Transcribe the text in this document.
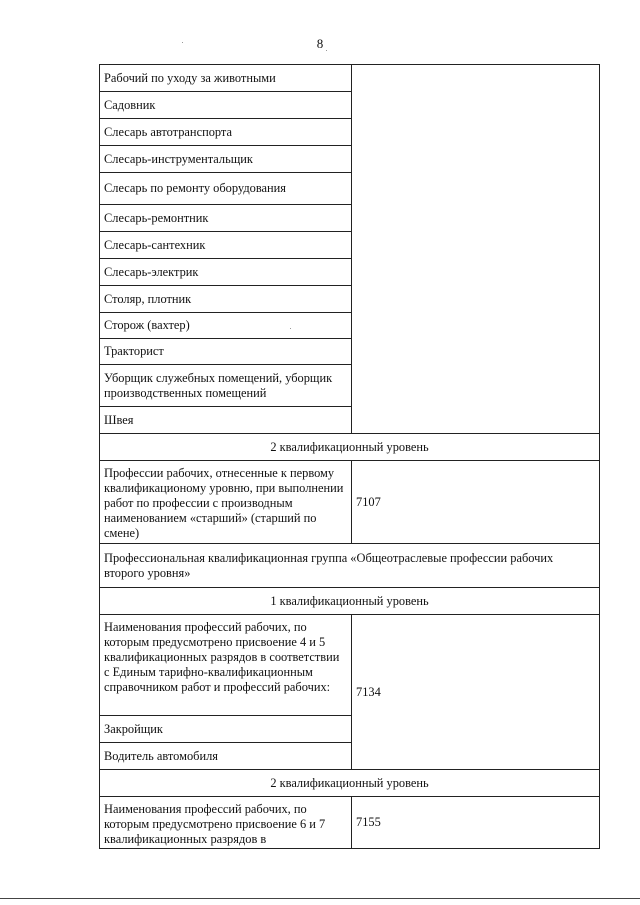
8
Рабочий по уходу за животными	
Садовник	
Слесарь автотранспорта	
Слесарь-инструментальщик	
Слесарь по ремонту оборудования	
Слесарь-ремонтник	
Слесарь-сантехник	
Слесарь-электрик	
Столяр, плотник	
Сторож (вахтер)	
Тракторист	
Уборщик служебных помещений, уборщик производственных помещений	
Швея	
2 квалификационный уровень	
Профессии рабочих, отнесенные к первому квалификационому уровню, при выполнении работ по профессии с производным наименованием «старший» (старший по смене)	7107
Профессиональная квалификационная группа «Общеотраслевые профессии рабочих второго уровня»	
1 квалификационный уровень	
Наименования профессий рабочих, по которым предусмотрено присвоение 4 и 5 квалификационных разрядов в соответствии с Единым тарифно-квалификационным справочником работ и профессий рабочих:	7134
Закройщик	
Водитель автомобиля	
2 квалификационный уровень	
Наименования профессий рабочих, по которым предусмотрено присвоение 6 и 7 квалификационных разрядов в	7155
